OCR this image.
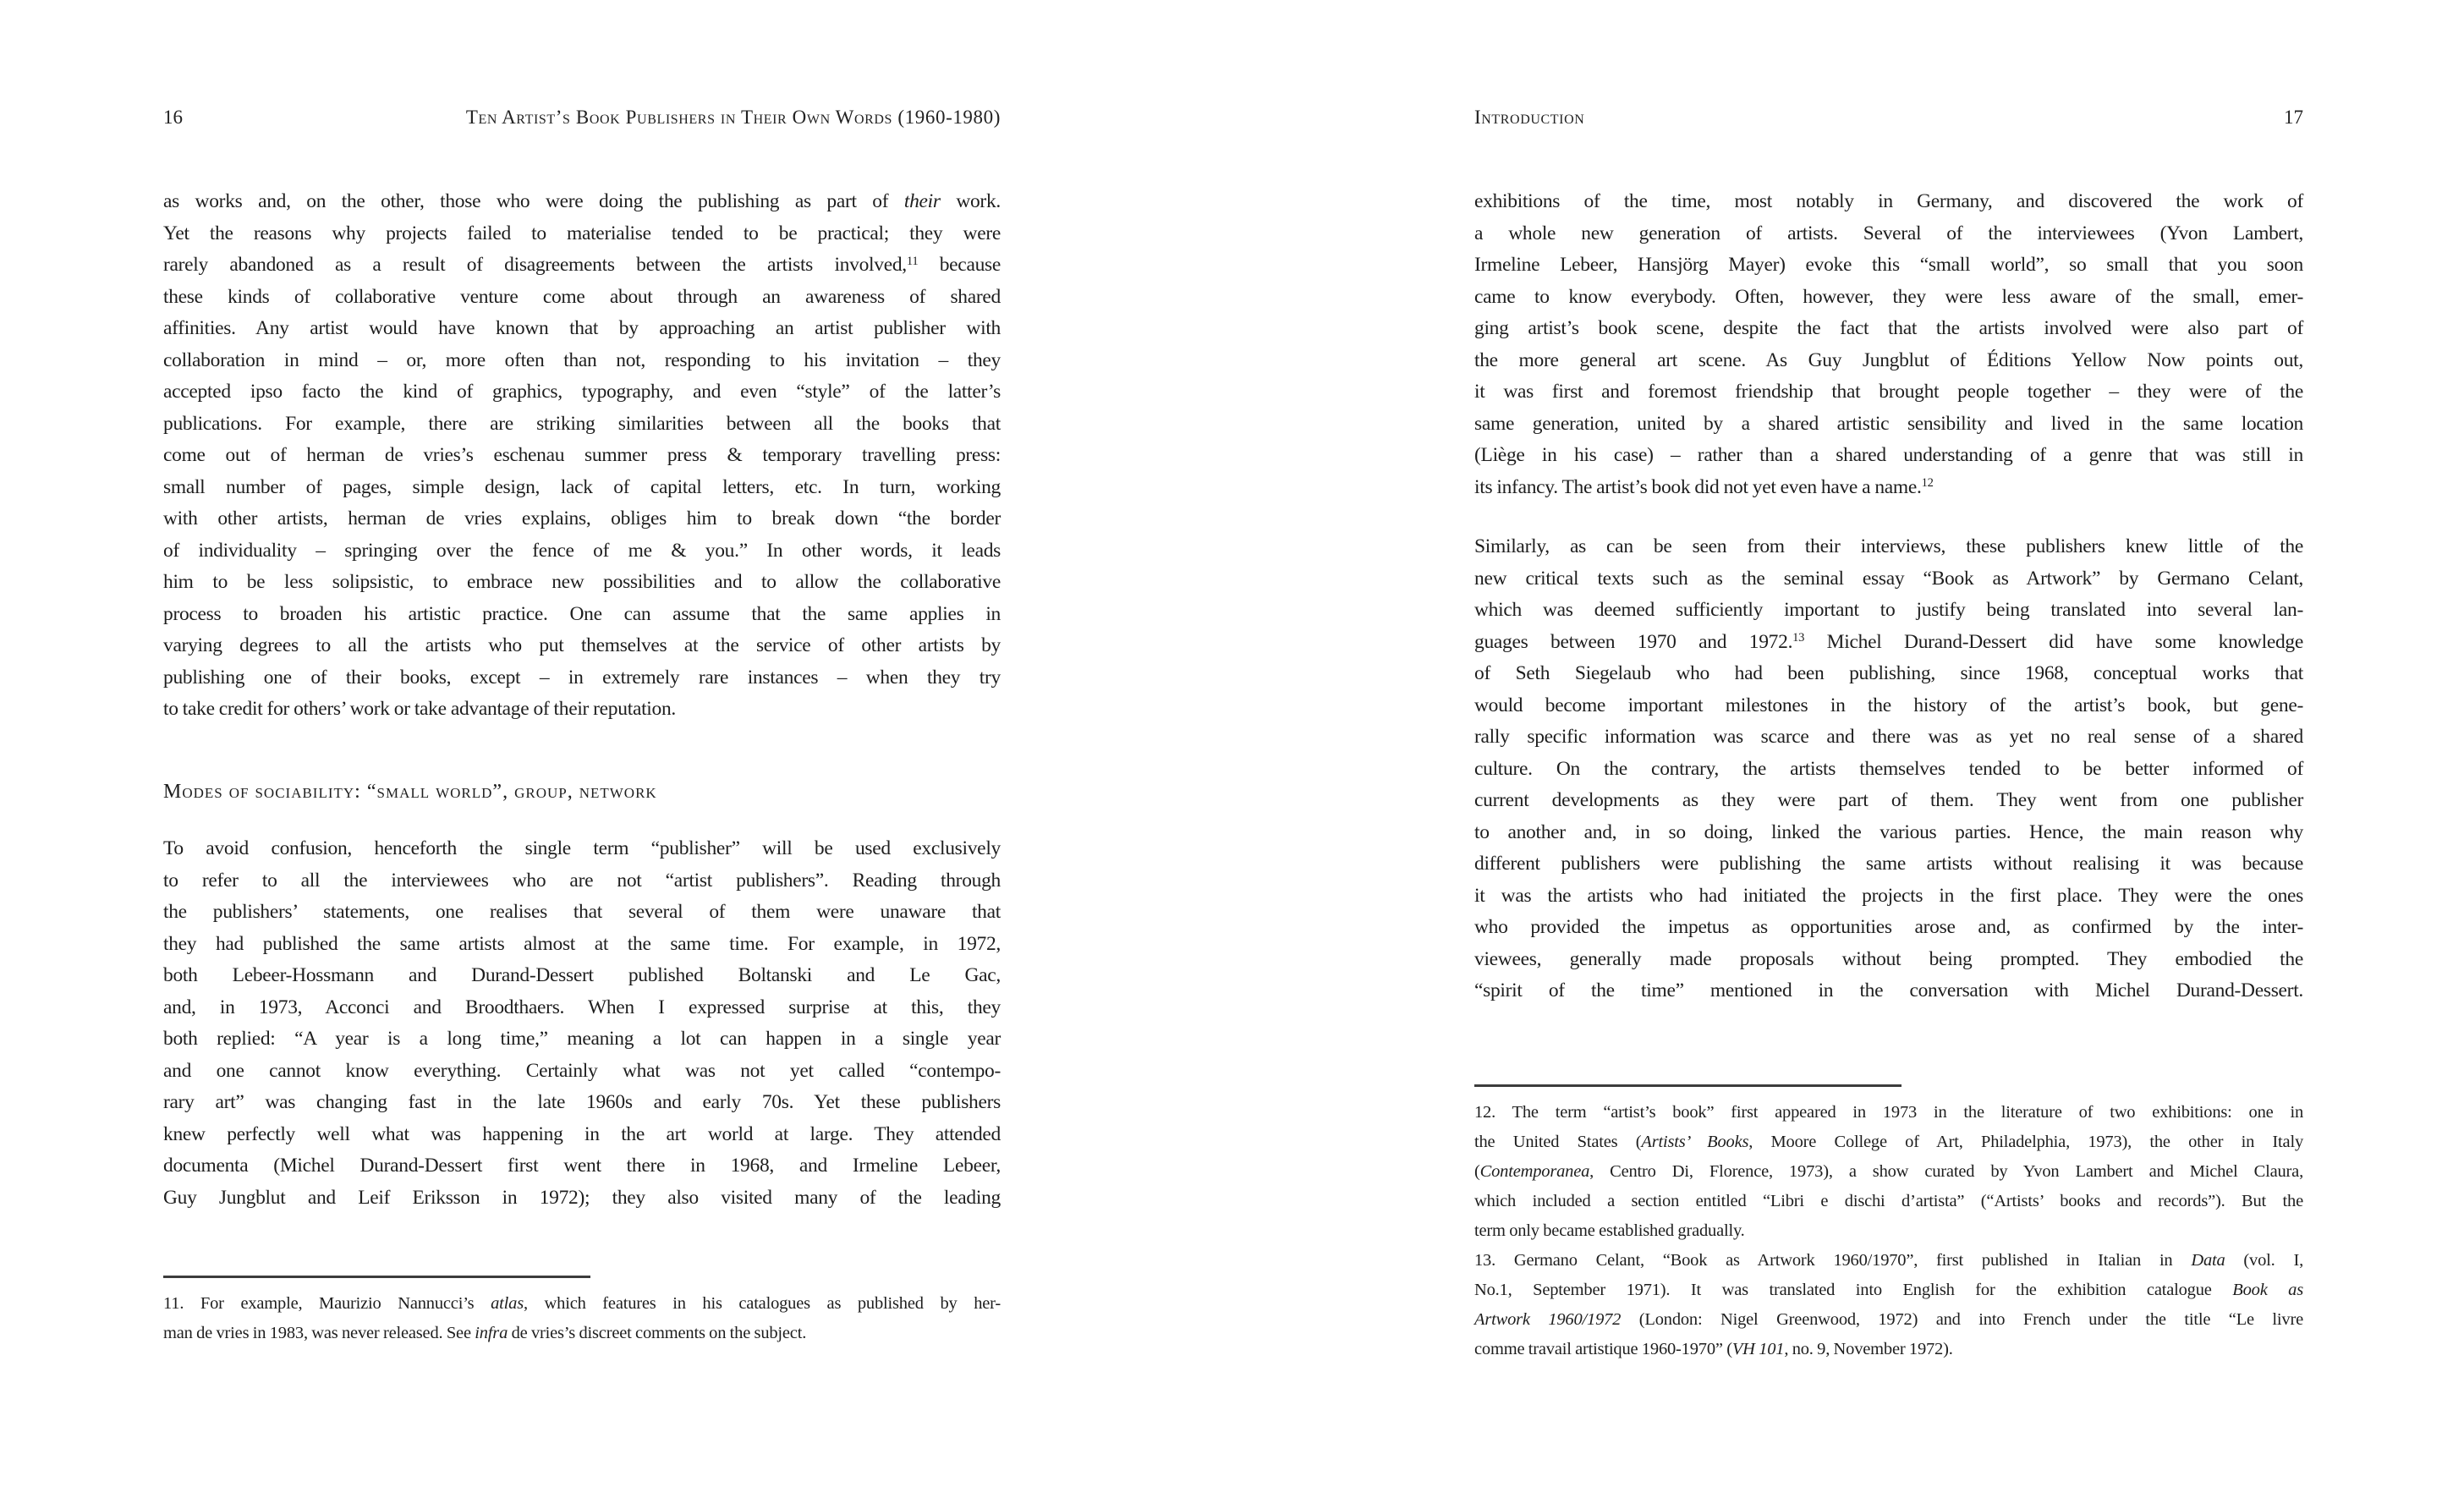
16	Ten Artist’s Book Publishers in Their Own Words (1960-1980)
as works and, on the other, those who were doing the publishing as part of their work.
Yet the reasons why projects failed to materialise tended to be practical; they were
rarely abandoned as a result of disagreements between the artists involved,$^{11}$ because
these kinds of collaborative venture come about through an awareness of shared
affinities. Any artist would have known that by approaching an artist publisher with
collaboration in mind – or, more often than not, responding to his invitation – they
accepted ipso facto the kind of graphics, typography, and even “style” of the latter’s
publications. For example, there are striking similarities between all the books that
come out of herman de vries’s eschenau summer press & temporary travelling press:
small number of pages, simple design, lack of capital letters, etc. In turn, working
with other artists, herman de vries explains, obliges him to break down “the border
of individuality – springing over the fence of me & you.” In other words, it leads
him to be less solipsistic, to embrace new possibilities and to allow the collaborative
process to broaden his artistic practice. One can assume that the same applies in
varying degrees to all the artists who put themselves at the service of other artists by
publishing one of their books, except – in extremely rare instances – when they try
to take credit for others’ work or take advantage of their reputation.
Modes of sociability: “small world”, group, network
To avoid confusion, henceforth the single term “publisher” will be used exclusively
to refer to all the interviewees who are not “artist publishers”. Reading through
the publishers’ statements, one realises that several of them were unaware that
they had published the same artists almost at the same time. For example, in 1972,
both Lebeer-Hossmann and Durand-Dessert published Boltanski and Le Gac,
and, in 1973, Acconci and Broodthaers. When I expressed surprise at this, they
both replied: “A year is a long time,” meaning a lot can happen in a single year
and one cannot know everything. Certainly what was not yet called “contempo-
rary art” was changing fast in the late 1960s and early 70s. Yet these publishers
knew perfectly well what was happening in the art world at large. They attended
documenta (Michel Durand-Dessert first went there in 1968, and Irmeline Lebeer,
Guy Jungblut and Leif Eriksson in 1972); they also visited many of the leading
11. For example, Maurizio Nannucci’s atlas, which features in his catalogues as published by her-
man de vries in 1983, was never released. See infra de vries’s discreet comments on the subject.
Introduction	17
exhibitions of the time, most notably in Germany, and discovered the work of
a whole new generation of artists. Several of the interviewees (Yvon Lambert,
Irmeline Lebeer, Hansjörg Mayer) evoke this “small world”, so small that you soon
came to know everybody. Often, however, they were less aware of the small, emer-
ging artist’s book scene, despite the fact that the artists involved were also part of
the more general art scene. As Guy Jungblut of Éditions Yellow Now points out,
it was first and foremost friendship that brought people together – they were of the
same generation, united by a shared artistic sensibility and lived in the same location
(Liège in his case) – rather than a shared understanding of a genre that was still in
its infancy. The artist’s book did not yet even have a name.$^{12}$
Similarly, as can be seen from their interviews, these publishers knew little of the
new critical texts such as the seminal essay “Book as Artwork” by Germano Celant,
which was deemed sufficiently important to justify being translated into several lan-
guages between 1970 and 1972.13 Michel Durand-Dessert did have some knowledge
of Seth Siegelaub who had been publishing, since 1968, conceptual works that
would become important milestones in the history of the artist’s book, but gene-
rally specific information was scarce and there was as yet no real sense of a shared
culture. On the contrary, the artists themselves tended to be better informed of
current developments as they were part of them. They went from one publisher
to another and, in so doing, linked the various parties. Hence, the main reason why
different publishers were publishing the same artists without realising it was because
it was the artists who had initiated the projects in the first place. They were the ones
who provided the impetus as opportunities arose and, as confirmed by the inter-
viewees, generally made proposals without being prompted. They embodied the
“spirit of the time” mentioned in the conversation with Michel Durand-Dessert.
12. The term “artist’s book” first appeared in 1973 in the literature of two exhibitions: one in
the United States (Artists’ Books, Moore College of Art, Philadelphia, 1973), the other in Italy
(Contemporanea, Centro Di, Florence, 1973), a show curated by Yvon Lambert and Michel Claura,
which included a section entitled “Libri e dischi d’artista” (“Artists’ books and records”). But the
term only became established gradually.
13. Germano Celant, “Book as Artwork 1960/1970”, first published in Italian in Data (vol. I,
No.1, September 1971). It was translated into English for the exhibition catalogue Book as
Artwork 1960/1972 (London: Nigel Greenwood, 1972) and into French under the title “Le livre
comme travail artistique 1960-1970” (VH 101, no. 9, November 1972).
